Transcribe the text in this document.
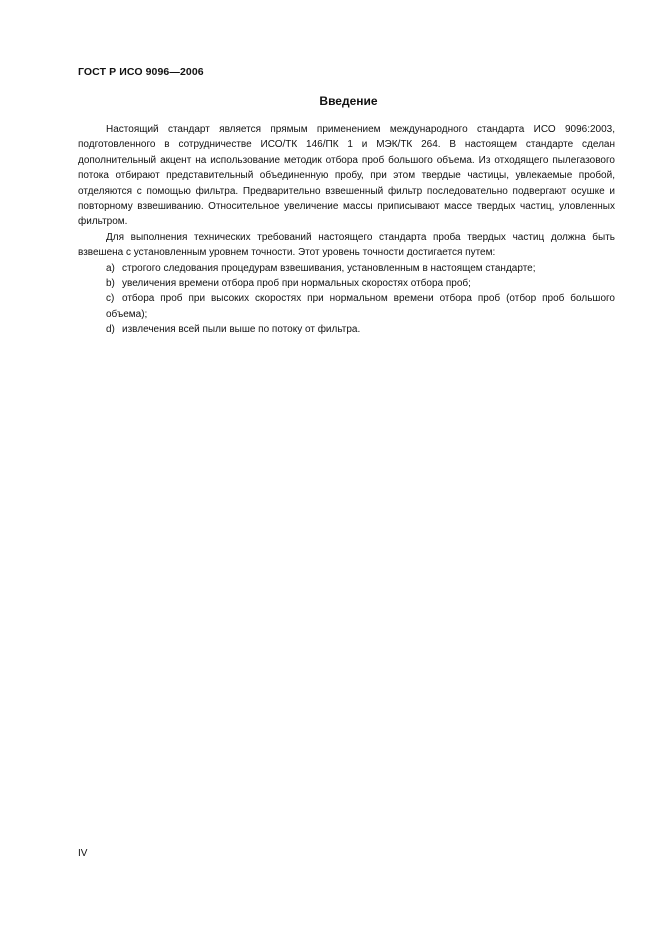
ГОСТ Р ИСО 9096—2006
Введение

Настоящий стандарт является прямым применением международного стандарта ИСО 9096:2003, подготовленного в сотрудничестве ИСО/ТК 146/ПК 1 и МЭК/ТК 264. В настоящем стандарте сделан дополнительный акцент на использование методик отбора проб большого объема. Из отходящего пылегазового потока отбирают представительный объединенную пробу, при этом твердые частицы, увлекаемые пробой, отделяются с помощью фильтра. Предварительно взвешенный фильтр последовательно подвергают осушке и повторному взвешиванию. Относительное увеличение массы приписывают массе твердых частиц, уловленных фильтром.

Для выполнения технических требований настоящего стандарта проба твердых частиц должна быть взвешена с установленным уровнем точности. Этот уровень точности достигается путем:

a) строгого следования процедурам взвешивания, установленным в настоящем стандарте;

b) увеличения времени отбора проб при нормальных скоростях отбора проб;

c) отбора проб при высоких скоростях при нормальном времени отбора проб (отбор проб большого объема);

d) извлечения всей пыли выше по потоку от фильтра.

IV
